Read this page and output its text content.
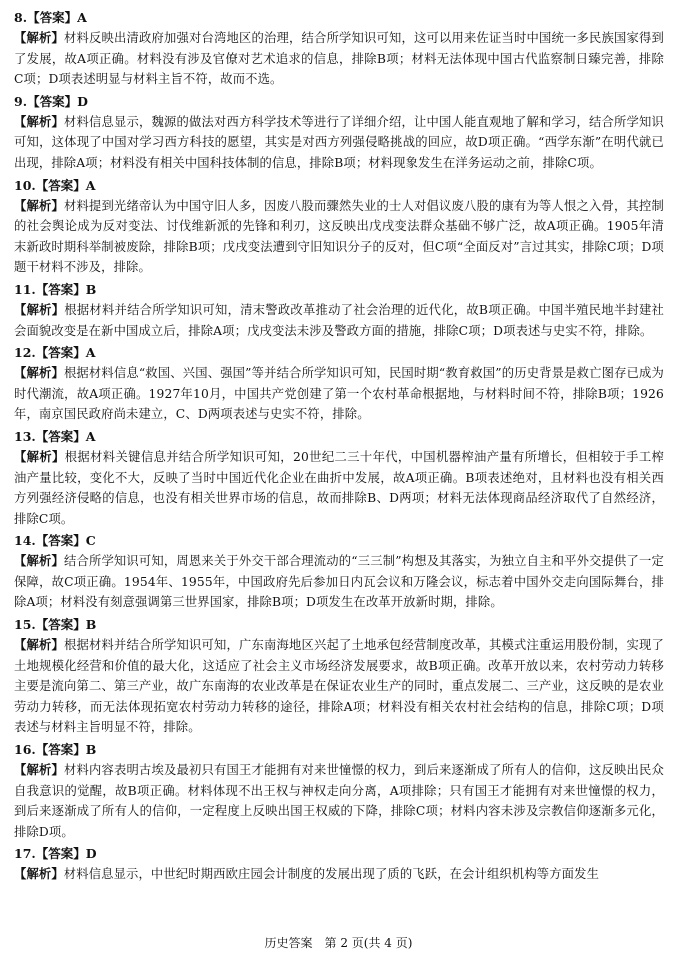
8.【答案】A
【解析】材料反映出清政府加强对台湾地区的治理，结合所学知识可知，这可以用来佐证当时中国统一多民族国家得到了发展，故A项正确。材料没有涉及官僚对艺术追求的信息，排除B项；材料无法体现中国古代监察制日臻完善，排除C项；D项表述明显与材料主旨不符，故而不选。
9.【答案】D
【解析】材料信息显示，魏源的做法对西方科学技术等进行了详细介绍，让中国人能直观地了解和学习，结合所学知识可知，这体现了中国对学习西方科技的愿望，其实是对西方列强侵略挑战的回应，故D项正确。“西学东渐”在明代就已出现，排除A项；材料没有相关中国科技体制的信息，排除B项；材料现象发生在洋务运动之前，排除C项。
10.【答案】A
【解析】材料提到光绪帝认为中国守旧人多，因废八股而骤然失业的士人对倡议废八股的康有为等人恨之入骨，其控制的社会舆论成为反对变法、讨伐维新派的先锋和利刃，这反映出戊戌变法群众基础不够广泛，故A项正确。1905年清末新政时期科举制被废除，排除B项；戊戌变法遭到守旧知识分子的反对，但C项“全面反对”言过其实，排除C项；D项题干材料不涉及，排除。
11.【答案】B
【解析】根据材料并结合所学知识可知，清末警政改革推动了社会治理的近代化，故B项正确。中国半殖民地半封建社会面貌改变是在新中国成立后，排除A项；戊戌变法未涉及警政方面的措施，排除C项；D项表述与史实不符，排除。
12.【答案】A
【解析】根据材料信息“救国、兴国、强国”等并结合所学知识可知，民国时期“教育救国”的历史背景是救亡图存已成为时代潮流，故A项正确。1927年10月，中国共产党创建了第一个农村革命根据地，与材料时间不符，排除B项；1926年，南京国民政府尚未建立，C、D两项表述与史实不符，排除。
13.【答案】A
【解析】根据材料关键信息并结合所学知识可知，20世纪二三十年代，中国机器榨油产量有所增长，但相较于手工榨油产量比较，变化不大，反映了当时中国近代化企业在曲折中发展，故A项正确。B项表述绝对，且材料也没有相关西方列强经济侵略的信息，也没有相关世界市场的信息，故而排除B、D两项；材料无法体现商品经济取代了自然经济，排除C项。
14.【答案】C
【解析】结合所学知识可知，周恩来关于外交干部合理流动的“三三制”构想及其落实，为独立自主和平外交提供了一定保障，故C项正确。1954年、1955年，中国政府先后参加日内瓦会议和万隆会议，标志着中国外交走向国际舞台，排除A项；材料没有刻意强调第三世界国家，排除B项；D项发生在改革开放新时期，排除。
15.【答案】B
【解析】根据材料并结合所学知识可知，广东南海地区兴起了土地承包经营制度改革，其模式注重运用股份制，实现了土地规模化经营和价值的最大化，这适应了社会主义市场经济发展要求，故B项正确。改革开放以来，农村劳动力转移主要是流向第二、第三产业，故广东南海的农业改革是在保证农业生产的同时，重点发展二、三产业，这反映的是农业劳动力转移，而无法体现拓宽农村劳动力转移的途径，排除A项；材料没有相关农村社会结构的信息，排除C项；D项表述与材料主旨明显不符，排除。
16.【答案】B
【解析】材料内容表明古埃及最初只有国王才能拥有对来世憧憬的权力，到后来逐渐成了所有人的信仰，这反映出民众自我意识的觉醒，故B项正确。材料体现不出王权与神权走向分离，A项排除；只有国王才能拥有对来世憧憬的权力，到后来逐渐成了所有人的信仰，一定程度上反映出国王权威的下降，排除C项；材料内容未涉及宗教信仰逐渐多元化，排除D项。
17.【答案】D
【解析】材料信息显示，中世纪时期西欧庄园会计制度的发展出现了质的飞跃，在会计组织机构等方面发生
历史答案　第 2 页(共 4 页)
